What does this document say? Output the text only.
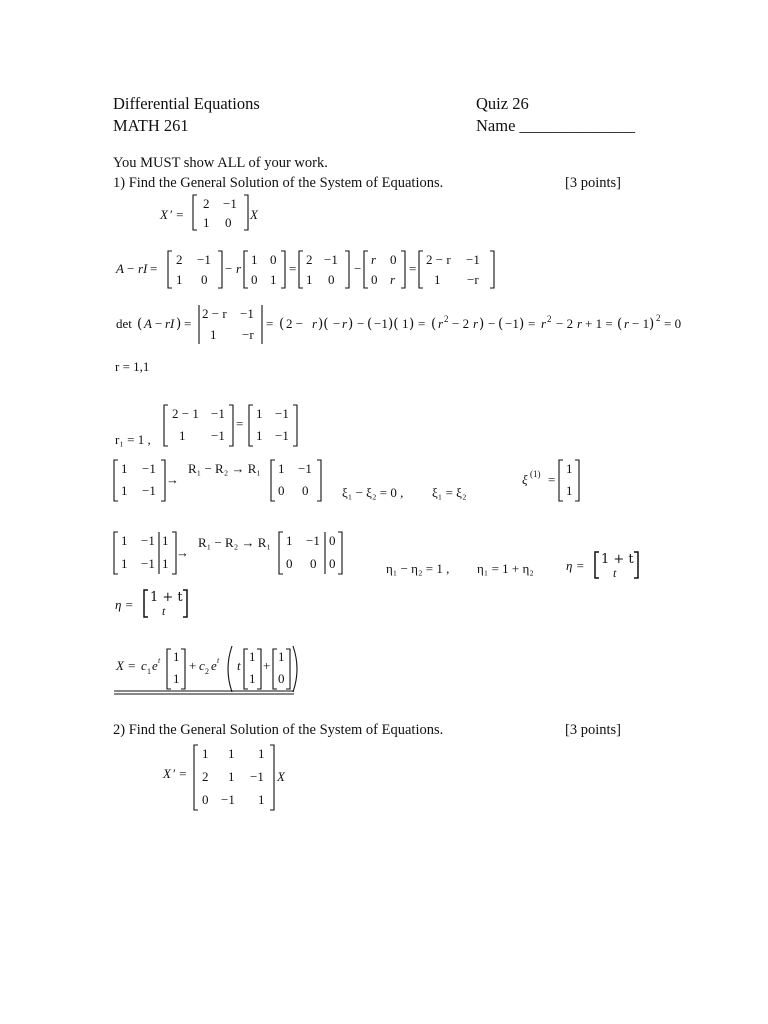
Differential Equations
MATH 261
Quiz 26
Name ______________
You MUST show ALL of your work.
1) Find the General Solution of the System of Equations.	[3 points]
X ′ =
2 −1
1 0
X
A − rI =
2 −1
1 0
− r
1 0
0 1
=
2 −1
1 0
−
r 0
0 r
=
2 − r −1
1 −r
det ( A − rI ) =
2 − r −1
1 −r
= ( 2 − r )( − r ) − ( −1 )( 1 ) = ( r 2 − 2 r ) − ( −1 ) = r 2 − 2 r + 1 = ( r − 1 ) 2 = 0
r = 1,1
r₁ = 1 ,
2 − 1 −1
1 −1
=
1 −1
1 −1
1 −1
1 −1
→
R₁ − R₂ → R₁ 1 −1
0 0	ξ₁ − ξ₂ = 0 , ξ₁ = ξ₂
ξ (1) =
1
1
1 −1 1
1 −1 1
→
R₁ − R₂ → R₁ 1 −1 0
0 0 0	η₁ − η₂ = 1 , η₁ = 1 + η₂ η = 1 + t
t
η = 1 + t
t
X = c 1 e t 1
1
+ c 2 e t t
1
1
+
1
0
X ′ =
1 1 1
2 1 −1
0 −1 1
X
2) Find the General Solution of the System of Equations.	[3 points]
